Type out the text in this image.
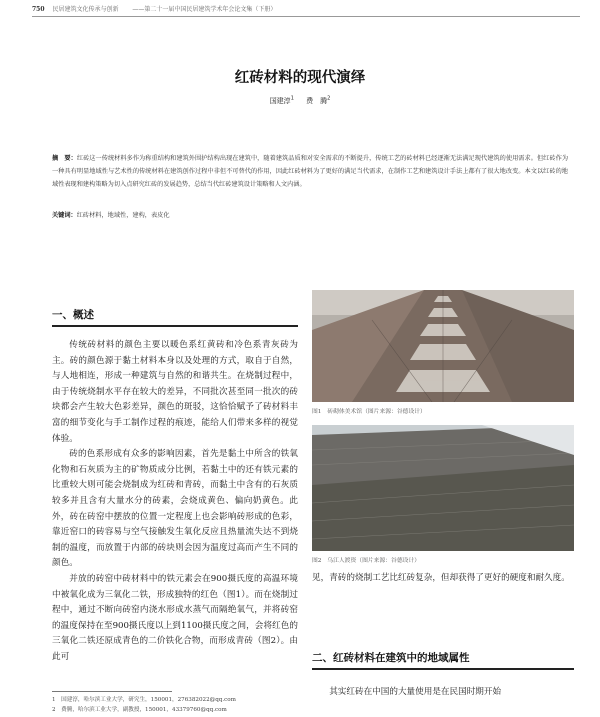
750 民居建筑文化传承与创新 ——第二十一届中国民居建筑学术年会论文集（下册）
红砖材料的现代演绎
国建淳$^1$ 费　腾$^2$
摘　要：红砖这一传统材料多作为称重结构和建筑外围护结构出现在建筑中，随着建筑品质和对安全需求的不断提升，传统工艺的砖材料已经逐渐无法满足现代建筑的使用需求。但红砖作为一种具有明显地域性与艺术性的传统材料在建筑创作过程中非但不可替代的作用，因此红砖材料为了更好的满足当代需求，在制作工艺和建筑设计手法上都有了很大地改变。本文以红砖的地域性表现和建构策略为切入点研究红砖的发展趋势，总结当代红砖建筑设计策略和人文内涵。
关键词：红砖材料，地域性，建构，表皮化
一、概述

传统砖材料的颜色主要以暖色系红黄砖和冷色系青灰砖为主。砖的颜色源于黏土材料本身以及处理的方式，取自于自然，与人地相连，形成一种建筑与自然的和谐共生。在烧制过程中，由于传统烧制水平存在较大的差异，不同批次甚至同一批次的砖块都会产生较大色彩差异，颜色的斑驳，这恰恰赋予了砖材料丰富的细节变化与手工制作过程的痕迹，能给人们带来多样的视觉体验。

砖的色系形成有众多的影响因素，首先是黏土中所含的铁氧化物和石灰质为主的矿物质成分比例，若黏土中的还有铁元素的比重较大则可能会烧制成为红砖和青砖，而黏土中含有的石灰质较多并且含有大量水分的砖素，会烧成黄色、偏向奶黄色。此外，砖在砖窑中摆放的位置一定程度上也会影响砖形成的色彩，靠近窑口的砖容易与空气接触发生氧化反应且热量流失达不到烧制的温度，而放置于内部的砖块则会因为温度过高而产生不同的颜色。

并放的砖窑中砖材料中的铁元素会在900摄氏度的高温环境中被氧化成为三氧化二铁，形成独特的红色（图1）。而在烧制过程中，通过不断向砖窑内浇水形成水蒸气而隔绝氧气，并将砖窑的温度保持在至900摄氏度以上到1100摄氏度之间，会将红色的三氧化二铁还原成青色的二价铁化合物，而形成青砖（图2）。由此可

图1　砖砌体美术馆（图片来源：谷德设计）
图2　乌江人渡资（图片来源：谷德设计）
见，青砖的烧制工艺比红砖复杂，但却获得了更好的硬度和耐久度。
二、红砖材料在建筑中的地域属性
其实红砖在中国的大量使用是在民国时期开始
1　国建淳，哈尔滨工业大学，研究生，150001，276382022@qq.com
2　费腾，哈尔滨工业大学，副教授，150001，43379760@qq.com
